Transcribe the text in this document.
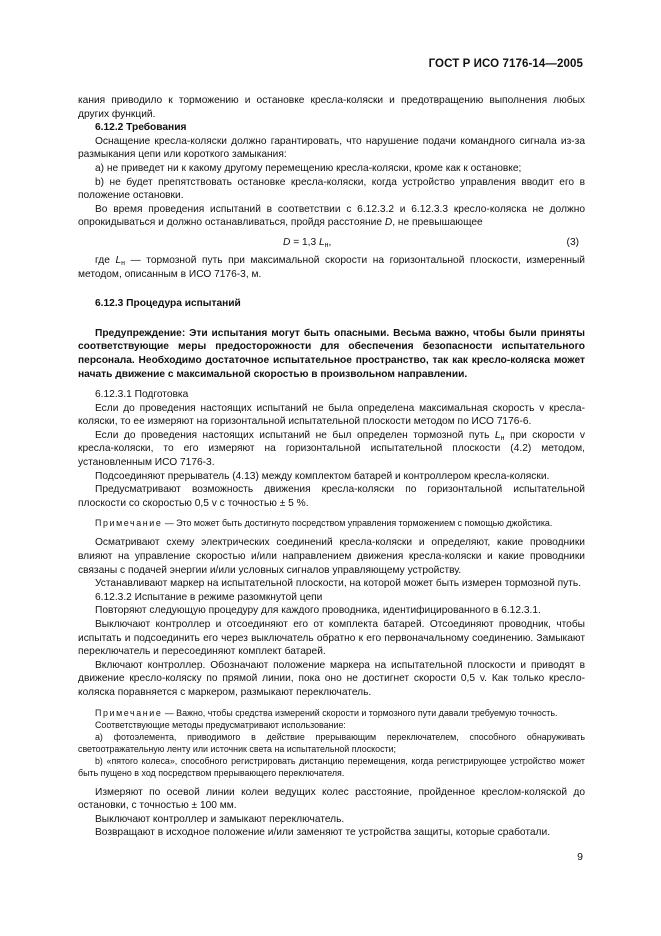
ГОСТ Р ИСО 7176-14—2005

кания приводило к торможению и остановке кресла-коляски и предотвращению выполнения любых других функций.

6.12.2 Требования

Оснащение кресла-коляски должно гарантировать, что нарушение подачи командного сигнала из-за размыкания цепи или короткого замыкания:

a) не приведет ни к какому другому перемещению кресла-коляски, кроме как к остановке;

b) не будет препятствовать остановке кресла-коляски, когда устройство управления вводит его в положение остановки.

Во время проведения испытаний в соответствии с 6.12.3.2 и 6.12.3.3 кресло-коляска не должно опрокидываться и должно останавливаться, пройдя расстояние D, не превышающее

D = 1,3 $L_н$,	(3)

где $L_н$ — тормозной путь при максимальной скорости на горизонтальной плоскости, измеренный методом, описанным в ИСО 7176-3, м.

6.12.3 Процедура испытаний

Предупреждение: Эти испытания могут быть опасными. Весьма важно, чтобы были приняты соответствующие меры предосторожности для обеспечения безопасности испытательного персонала. Необходимо достаточное испытательное пространство, так как кресло-коляска может начать движение с максимальной скоростью в произвольном направлении.

6.12.3.1 Подготовка

Если до проведения настоящих испытаний не была определена максимальная скорость v кресла-коляски, то ее измеряют на горизонтальной испытательной плоскости методом по ИСО 7176-6.

Если до проведения настоящих испытаний не был определен тормозной путь $L_н$ при скорости v кресла-коляски, то его измеряют на горизонтальной испытательной плоскости (4.2) методом, установленным ИСО 7176-3.

Подсоединяют прерыватель (4.13) между комплектом батарей и контроллером кресла-коляски.

Предусматривают возможность движения кресла-коляски по горизонтальной испытательной плоскости со скоростью 0,5 v с точностью ± 5 %.

Примечание — Это может быть достигнуто посредством управления торможением с помощью джойстика.

Осматривают схему электрических соединений кресла-коляски и определяют, какие проводники влияют на управление скоростью и/или направлением движения кресла-коляски и какие проводники связаны с подачей энергии и/или условных сигналов управляющему устройству.

Устанавливают маркер на испытательной плоскости, на которой может быть измерен тормозной путь.

6.12.3.2 Испытание в режиме разомкнутой цепи

Повторяют следующую процедуру для каждого проводника, идентифицированного в 6.12.3.1.

Выключают контроллер и отсоединяют его от комплекта батарей. Отсоединяют проводник, чтобы испытать и подсоединить его через выключатель обратно к его первоначальному соединению. Замыкают переключатель и пересоединяют комплект батарей.

Включают контроллер. Обозначают положение маркера на испытательной плоскости и приводят в движение кресло-коляску по прямой линии, пока оно не достигнет скорости 0,5 v. Как только кресло-коляска поравняется с маркером, размыкают переключатель.

Примечание — Важно, чтобы средства измерений скорости и тормозного пути давали требуемую точность.

Соответствующие методы предусматривают использование:

a) фотоэлемента, приводимого в действие прерывающим переключателем, способного обнаруживать светоотражательную ленту или источник света на испытательной плоскости;

b) «пятого колеса», способного регистрировать дистанцию перемещения, когда регистрирующее устройство может быть пущено в ход посредством прерывающего переключателя.

Измеряют по осевой линии колеи ведущих колес расстояние, пройденное креслом-коляской до остановки, с точностью ± 100 мм.

Выключают контроллер и замыкают переключатель.

Возвращают в исходное положение и/или заменяют те устройства защиты, которые сработали.

9
